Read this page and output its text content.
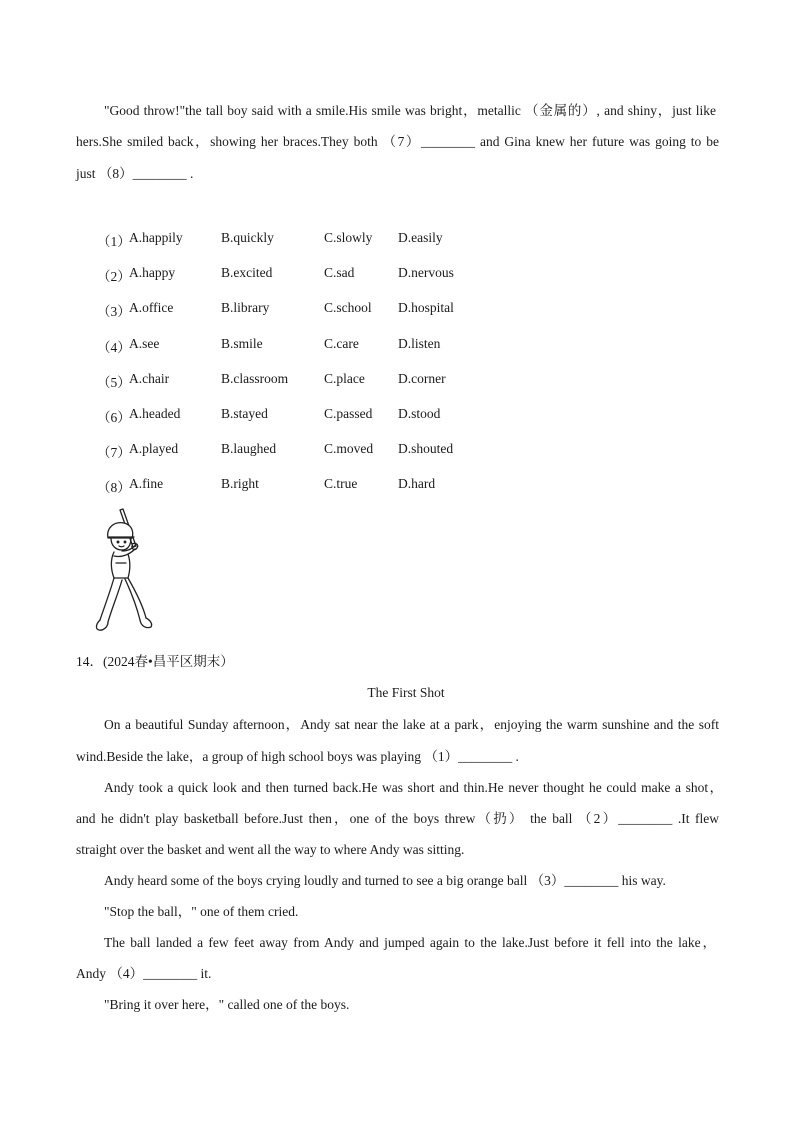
"Good throw!"the tall boy said with a smile.His smile was bright，metallic （金属的）, and shiny，just like
hers.She smiled back，showing her braces.They both （7）________ and Gina knew her future was going to be
just （8）________ .
（1）
A.happily	B.quickly	C.slowly D.easily
（2）
A.happy	B.excited	C.sad	D.nervous
（3）
A.office	B.library	C.school D.hospital
（4）
A.see	B.smile	C.care	D.listen
（5）
A.chair	B.classroom	C.place D.corner
（6）
A.headed	B.stayed	C.passed D.stood
（7）
A.played	B.laughed	C.moved D.shouted
（8）
A.fine	B.right	C.true	D.hard
14．(2024春•昌平区期末）
The First Shot
On a beautiful Sunday afternoon，Andy sat near the lake at a park，enjoying the warm sunshine and the soft
wind.Beside the lake，a group of high school boys was playing （1）________ .
Andy took a quick look and then turned back.He was short and thin.He never thought he could make a shot，
and he didn't play basketball before.Just then，one of the boys threw（扔） the ball （2）________ .It flew
straight over the basket and went all the way to where Andy was sitting.
Andy heard some of the boys crying loudly and turned to see a big orange ball （3）________ his way.
"Stop the ball，" one of them cried.
The ball landed a few feet away from Andy and jumped again to the lake.Just before it fell into the lake，
Andy （4）________ it.
"Bring it over here，" called one of the boys.
